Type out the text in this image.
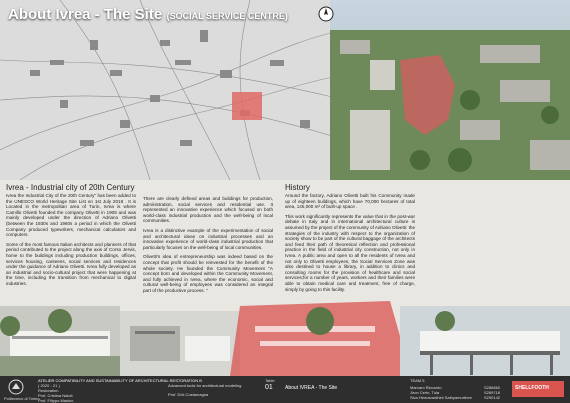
About Ivrea - The Site (SOCIAL SERVICE CENTRE)
Ivrea - Industrial city of 20th Century

Ivrea the Industrial City of the 20th Century" has been added to the UNESCO World Heritage Site List on 1st July 2018 . It is Located in the metropolitan area of Turin, Ivrea is where Camillo Olivetti founded the company Olivetti in 1908 and was mainly developed under the direction of Adriano Olivetti (between the 1930s and 1960s a period in which the Olivetti Company produced typewriters, mechanical calculators and computers.

Some of the most famous Italian architects and planners of that period contributed to the project along the axis of Corso Jervis, home to the buildings including production buildings, offices, services housing, canteens, social services and residences under the guidance of Adriano Olivetti. Ivrea fully developed as an industrial and socio-cultural project that were happening at the time, including the transition from mechanical to digital industries.

There are clearly defined areas and buildings for production, administration, social services and residential use. It represented an innovative experience which focused on both world-class industrial production and the well-being of local communities.

Ivrea is a distinctive example of the experimentation of social and architectural ideas on industrial processes and an innovative experience of world-class industrial production that particularly focuses on the well-being of local communities.

Olivetti's idea of entrepreneurship was indeed based on the concept that profit should be reinvested for the benefit of the whole society. He founded the Community Movement "A concept born and developed within the Community Movement, and fully achieved in Ivrea, where the economic, social and cultural well-being of employees was considered an integral part of the productive process. "

History

Around the factory, Adriano Olivetti built his Community made up of eighteen buildings, which have 70,000 hectares of total area, 145,000 m² of built-up space .

This work significantly represents the value that in the post-war debate in Italy and in international architectural culture is assumed by the project of the community of Adriano Olivetti: the strategies of the industry with respect to the organization of society show to be part of the cultural baggage of the architects and feed their path of theoretical reflection and professional practice in the field of industrial city construction, not only in Ivrea. A public area and open to all the residents of Ivrea and not only to Olivetti employees, the Social Services Zone was also destined to house a library, in addition to clinics and consulting rooms for the provision of healthcare and social services;for a number of years, workers and their families were able to obtain medical care and treatment, free of charge, simply by going to this facility.

Politecnico di Torino
ATELIER COMPATIBILITY AND SUSTAINABILITY OF ARCHITECTURAL RESTORATION B
( 2020 - 21 )
Restoration
Prof. Cristina Natoli
Prof. Filippo Masino
Advanced tools for architectural modeling
Prof. Erik Costamagna
Table
01 About IVREA - The Site
TEAM 5
Marcaro Riccardo
Jiron Cerin, Tula
Siva Hemavardhini Sathyamurthee
S286860
S289718
S290142
SHELLFOOTH
